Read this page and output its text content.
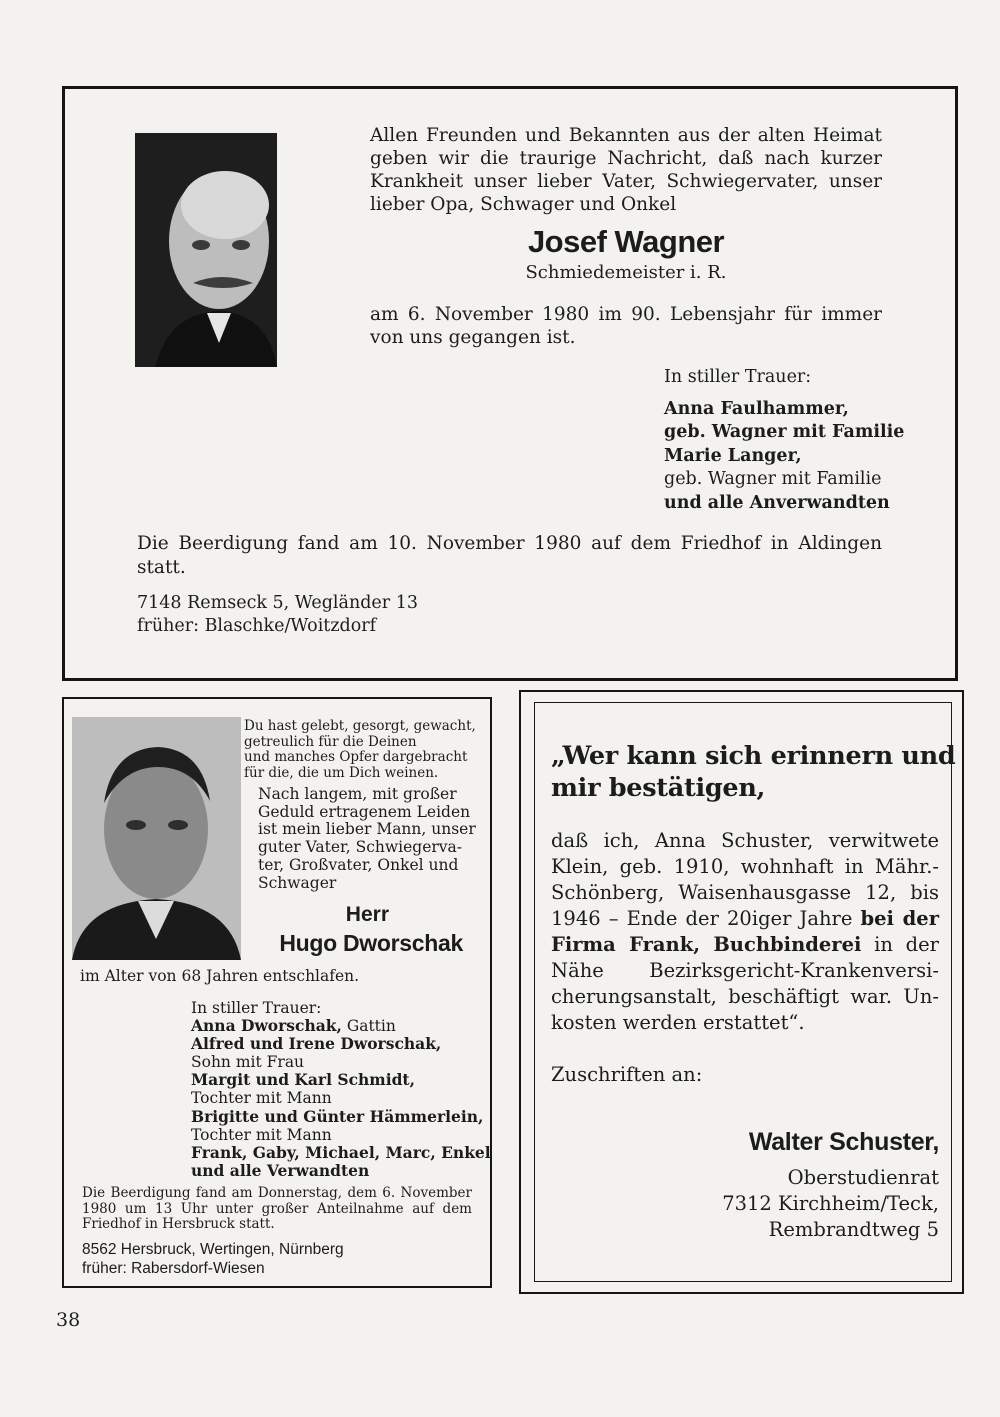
Allen Freunden und Bekannten aus der alten Heimat
geben wir die traurige Nachricht, daß nach kurzer
Krankheit unser lieber Vater, Schwiegervater, unser
lieber Opa, Schwager und Onkel
Josef Wagner
Schmiedemeister i. R.
am 6. November 1980 im 90. Lebensjahr für immer
von uns gegangen ist.
In stiller Trauer:
Anna Faulhammer,
geb. Wagner mit Familie
Marie Langer,
geb. Wagner mit Familie
und alle Anverwandten
Die Beerdigung fand am 10. November 1980 auf dem Friedhof in Aldingen
statt.
7148 Remseck 5, Wegländer 13
früher: Blaschke/Woitzdorf
Du hast gelebt, gesorgt, gewacht,
getreulich für die Deinen
und manches Opfer dargebracht
für die, die um Dich weinen.
Nach langem, mit großer
Geduld ertragenem Leiden
ist mein lieber Mann, unser
guter Vater, Schwiegerva-
ter, Großvater, Onkel und
Schwager
Herr
Hugo Dworschak
im Alter von 68 Jahren entschlafen.
In stiller Trauer:
Anna Dworschak, Gattin
Alfred und Irene Dworschak,
Sohn mit Frau
Margit und Karl Schmidt,
Tochter mit Mann
Brigitte und Günter Hämmerlein,
Tochter mit Mann
Frank, Gaby, Michael, Marc, Enkel
und alle Verwandten
Die Beerdigung fand am Donnerstag, dem 6. November
1980 um 13 Uhr unter großer Anteilnahme auf dem
Friedhof in Hersbruck statt.
8562 Hersbruck, Wertingen, Nürnberg
früher: Rabersdorf-Wiesen
„Wer kann sich erinnern und
mir bestätigen,
daß ich, Anna Schuster, verwitwete
Klein, geb. 1910, wohnhaft in Mähr.-
Schönberg, Waisenhausgasse 12, bis
1946 – Ende der 20iger Jahre bei der
Firma Frank, Buchbinderei in der
Nähe Bezirksgericht-Krankenversi-
cherungsanstalt, beschäftigt war. Un-
kosten werden erstattet“.
Zuschriften an:
Walter Schuster,
Oberstudienrat
7312 Kirchheim/Teck,
Rembrandtweg 5
38
